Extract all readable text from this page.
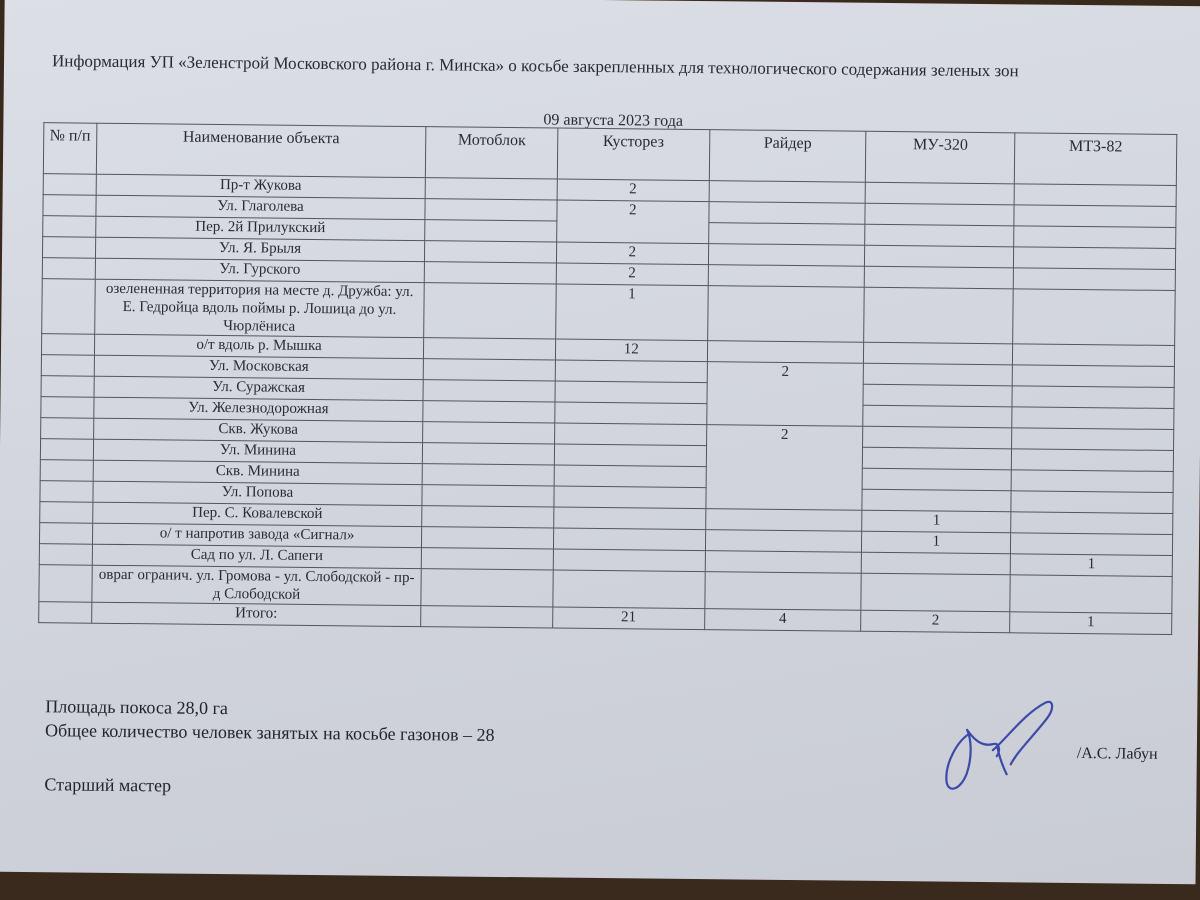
Информация УП «Зеленстрой Московского района г. Минска» о косьбе закрепленных для технологического содержания зеленых зон
09 августа 2023 года
№ п/п	Наименование объекта	Мотоблок	Кусторез	Райдер	МУ-320	МТЗ-82
	Пр-т Жукова		2			
	Ул. Глаголева		2			
	Пер. 2й Прилукский					
	Ул. Я. Брыля		2			
	Ул. Гурского		2			
	озелененная территория на месте д. Дружба: ул. Е. Гедройца вдоль поймы р. Лошица до ул. Чюрлёниса		1			
	о/т вдоль р. Мышка		12			
	Ул. Московская			2		
	Ул. Суражская					
	Ул. Железнодорожная					
	Скв. Жукова			2		
	Ул. Минина					
	Скв. Минина					
	Ул. Попова					
	Пер. С. Ковалевской				1	
	о/ т напротив завода «Сигнал»				1	
	Сад по ул. Л. Сапеги					1
	овраг огранич. ул. Громова - ул. Слободской - пр-д Слободской					
	Итого:		21	4	2	1
Площадь покоса 28,0 га
Общее количество человек занятых на косьбе газонов – 28
Старший мастер
/А.С. Лабун
